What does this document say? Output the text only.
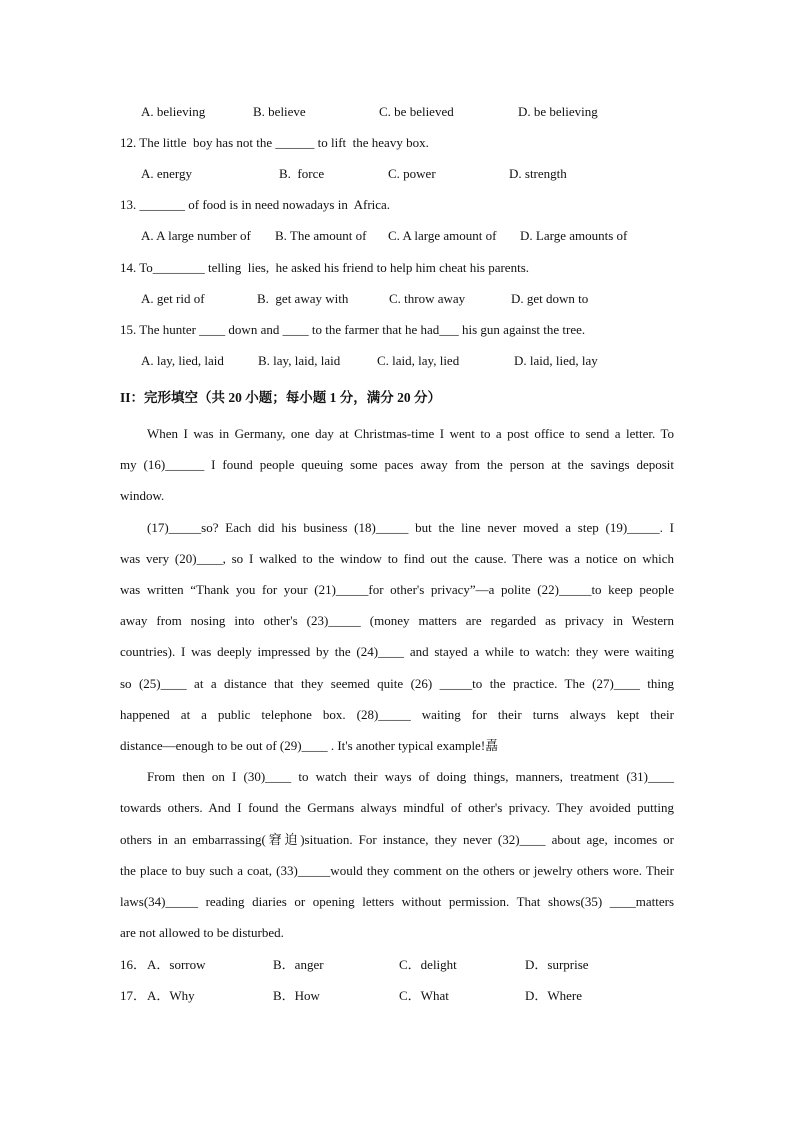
A. believing	B. believe	C. be believed	D. be believing
12. The little  boy has not the ______ to lift  the heavy box.
A. energy	B.  force	C. power	D. strength
13. _______ of food is in need nowadays in  Africa.
A. A large number of B. The amount of C. A large amount of D. Large amounts of
14. To________ telling  lies,  he asked his friend to help him cheat his parents.
A. get rid of	B.  get away with	C. throw away	D. get down to
15. The hunter ____ down and ____ to the farmer that he had___ his gun against the tree.
A. lay, lied, laid	B. lay, laid, laid	C. laid, lay, lied	D. laid, lied, lay
II：完形填空（共 20 小题；每小题 1 分，满分 20 分）
When I was in Germany, one day at Christmas-time I went to a post office to send a letter. To
my (16)______ I found people queuing some paces away from the person at the savings deposit
window.
(17)_____so? Each did his business (18)_____ but the line never moved a step (19)_____. I
was very (20)____, so I walked to the window to find out the cause. There was a notice on which
was written “Thank you for your (21)_____for other's privacy”—a polite (22)_____to keep people
away from nosing into other's (23)_____ (money matters are regarded as privacy in Western
countries). I was deeply impressed by the (24)____ and stayed a while to watch: they were waiting
so (25)____ at a distance that they seemed quite (26) _____to the practice. The (27)____ thing
happened at a public telephone box. (28)_____ waiting for their turns always kept their
distance—enough to be out of (29)____ . It's another typical example!嚞
From then on I (30)____ to watch their ways of doing things, manners, treatment (31)____
towards others. And I found the Germans always mindful of other's privacy. They avoided putting
others in an embarrassing(窘迫)situation. For instance, they never (32)____ about age, incomes or
the place to buy such a coat, (33)_____would they comment on the others or jewelry others wore. Their
laws(34)_____ reading diaries or opening letters without permission. That shows(35) ____matters
are not allowed to be disturbed.
16． A．sorrow	B．anger	C．delight	D．surprise
17． A．Why	B．How	C．What	D．Where
